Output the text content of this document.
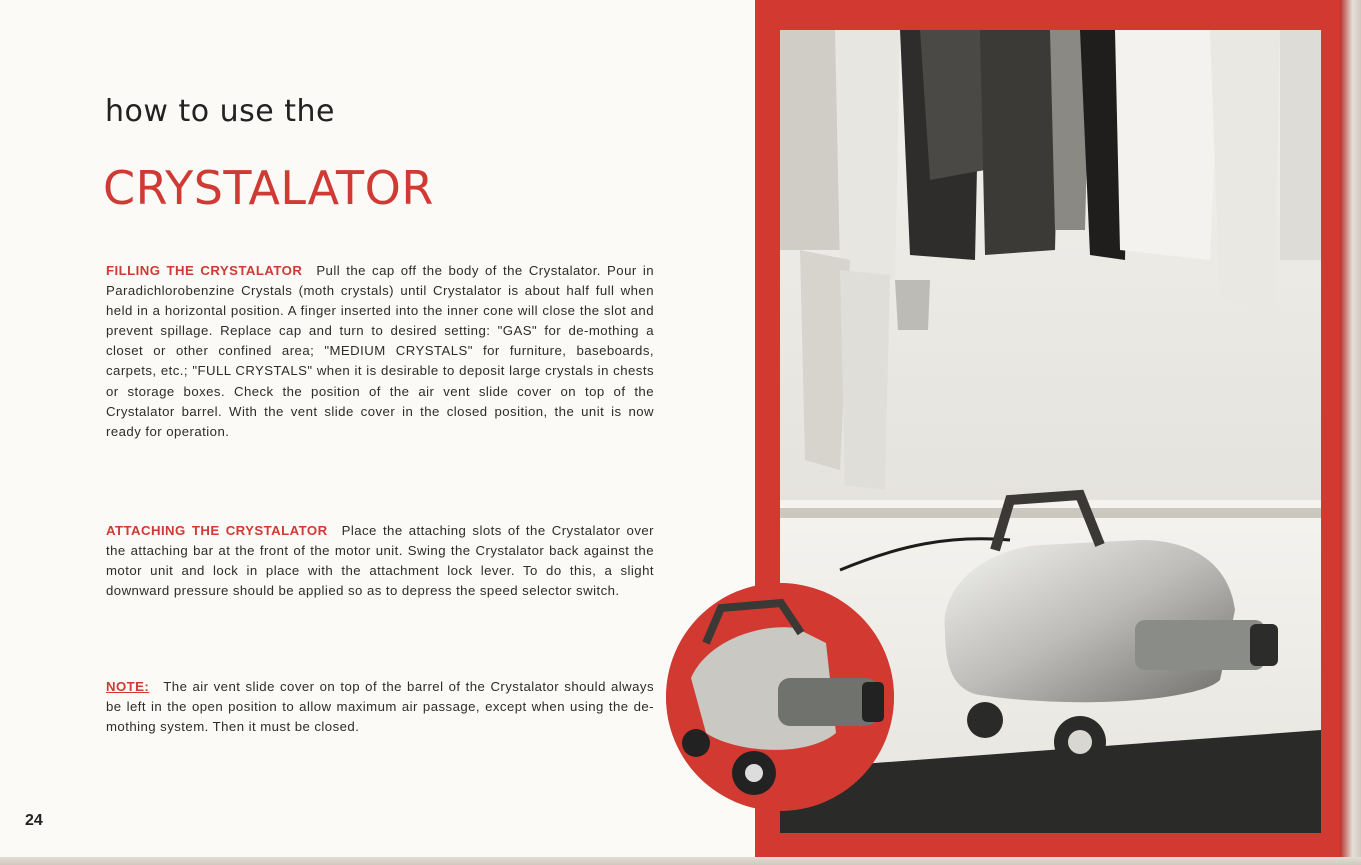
how to use the
CRYSTALATOR
FILLING THE CRYSTALATOR Pull the cap off the body of the Crystalator. Pour in Paradichlorobenzine Crystals (moth crystals) until Crystalator is about half full when held in a horizontal position. A finger inserted into the inner cone will close the slot and prevent spillage. Replace cap and turn to desired setting: "GAS" for de-mothing a closet or other confined area; "MEDIUM CRYSTALS" for furniture, baseboards, carpets, etc.; "FULL CRYSTALS" when it is desirable to deposit large crystals in chests or storage boxes. Check the position of the air vent slide cover on top of the Crystalator barrel. With the vent slide cover in the closed position, the unit is now ready for operation.
ATTACHING THE CRYSTALATOR Place the attaching slots of the Crystalator over the attaching bar at the front of the motor unit. Swing the Crystalator back against the motor unit and lock in place with the attachment lock lever. To do this, a slight downward pressure should be applied so as to depress the speed selector switch.
NOTE: The air vent slide cover on top of the barrel of the Crystalator should always be left in the open position to allow maximum air passage, except when using the de-mothing system. Then it must be closed.
24
